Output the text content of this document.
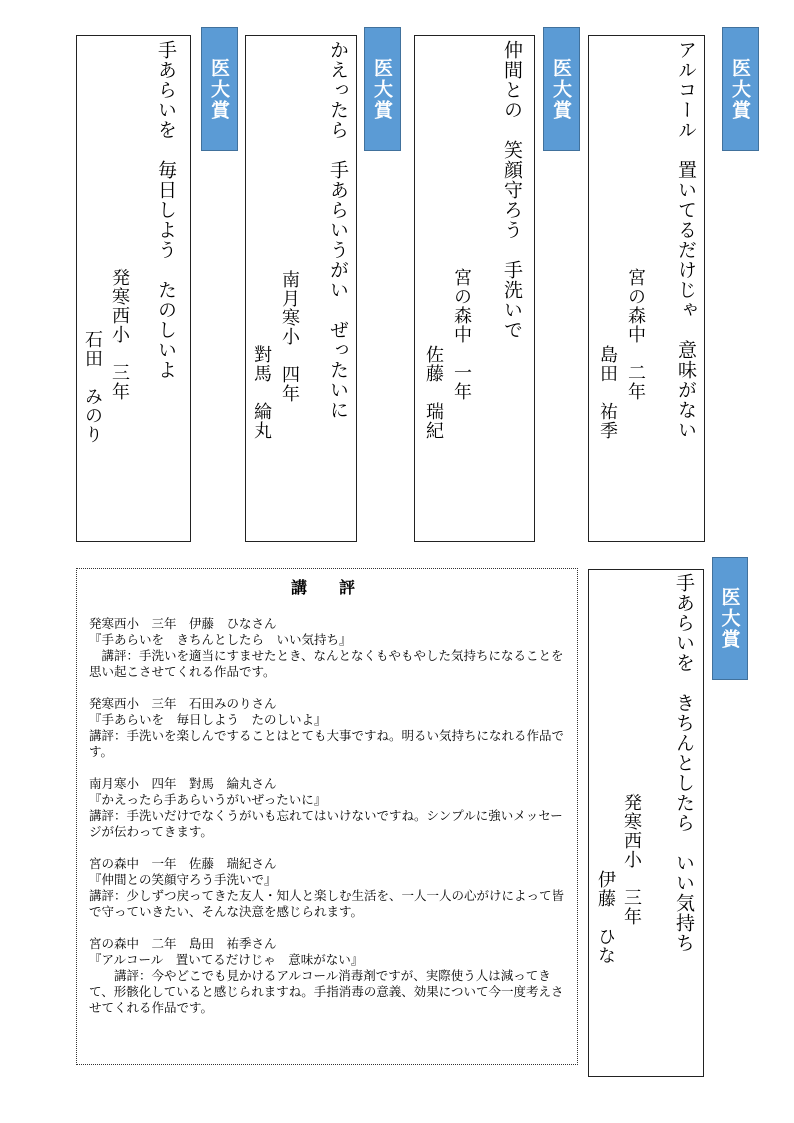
医大賞
手あらいを　毎日しよう　たのしいよ
発寒西小　三年
石田　みのり
医大賞
かえったら　手あらいうがい　ぜったいに
南月寒小　四年
對馬　綸丸
医大賞
仲間との　笑顔守ろう　手洗いで
宮の森中　一年
佐藤　瑞紀
医大賞
アルコール　置いてるだけじゃ　意味がない
宮の森中　二年
島田　祐季
講　評
発寒西小　三年　伊藤　ひなさん
『手あらいを　きちんとしたら　いい気持ち』
　講評：手洗いを適当にすませたとき、なんとなくもやもやした気持ちになることを思い起こさせてくれる作品です。
発寒西小　三年　石田みのりさん
『手あらいを　毎日しよう　たのしいよ』
講評：手洗いを楽しんですることはとても大事ですね。明るい気持ちになれる作品です。
南月寒小　四年　對馬　綸丸さん
『かえったら手あらいうがいぜったいに』
講評：手洗いだけでなくうがいも忘れてはいけないですね。シンプルに強いメッセージが伝わってきます。
宮の森中　一年　佐藤　瑞紀さん
『仲間との笑顔守ろう手洗いで』
講評：少しずつ戻ってきた友人・知人と楽しむ生活を、一人一人の心がけによって皆で守っていきたい、そんな決意を感じられます。
宮の森中　二年　島田　祐季さん
『アルコール　置いてるだけじゃ　意味がない』
　　講評：今やどこでも見かけるアルコール消毒剤ですが、実際使う人は減ってきて、形骸化していると感じられますね。手指消毒の意義、効果について今一度考えさせてくれる作品です。
医大賞
手あらいを　きちんとしたら　いい気持ち
発寒西小　三年
伊藤　ひな
